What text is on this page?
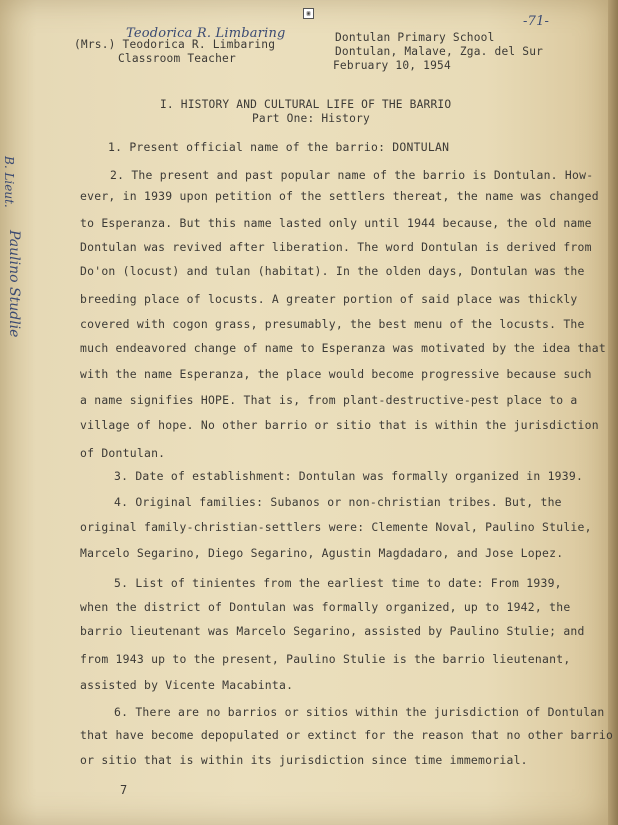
▣
Teodorica R. Limbaring
-71-
(Mrs.) Teodorica R. Limbaring
Classroom Teacher
Dontulan Primary School
Dontulan, Malave, Zga. del Sur
February 10, 1954
Paulino Studlie
B. Lieut.
I. HISTORY AND CULTURAL LIFE OF THE BARRIO
Part One: History
1. Present official name of the barrio: DONTULAN
2. The present and past popular name of the barrio is Dontulan. How-
ever, in 1939 upon petition of the settlers thereat, the name was changed
to Esperanza. But this name lasted only until 1944 because, the old name
Dontulan was revived after liberation. The word Dontulan is derived from
Do'on (locust) and tulan (habitat). In the olden days, Dontulan was the
breeding place of locusts. A greater portion of said place was thickly
covered with cogon grass, presumably, the best menu of the locusts. The
much endeavored change of name to Esperanza was motivated by the idea that
with the name Esperanza, the place would become progressive because such
a name signifies HOPE. That is, from plant-destructive-pest place to a
village of hope. No other barrio or sitio that is within the jurisdiction
of Dontulan.
3. Date of establishment: Dontulan was formally organized in 1939.
4. Original families: Subanos or non-christian tribes. But, the
original family-christian-settlers were: Clemente Noval, Paulino Stulie,
Marcelo Segarino, Diego Segarino, Agustin Magdadaro, and Jose Lopez.
5. List of tinientes from the earliest time to date: From 1939,
when the district of Dontulan was formally organized, up to 1942, the
barrio lieutenant was Marcelo Segarino, assisted by Paulino Stulie; and
from 1943 up to the present, Paulino Stulie is the barrio lieutenant,
assisted by Vicente Macabinta.
6. There are no barrios or sitios within the jurisdiction of Dontulan
that have become depopulated or extinct for the reason that no other barrio
or sitio that is within its jurisdiction since time immemorial.
7
